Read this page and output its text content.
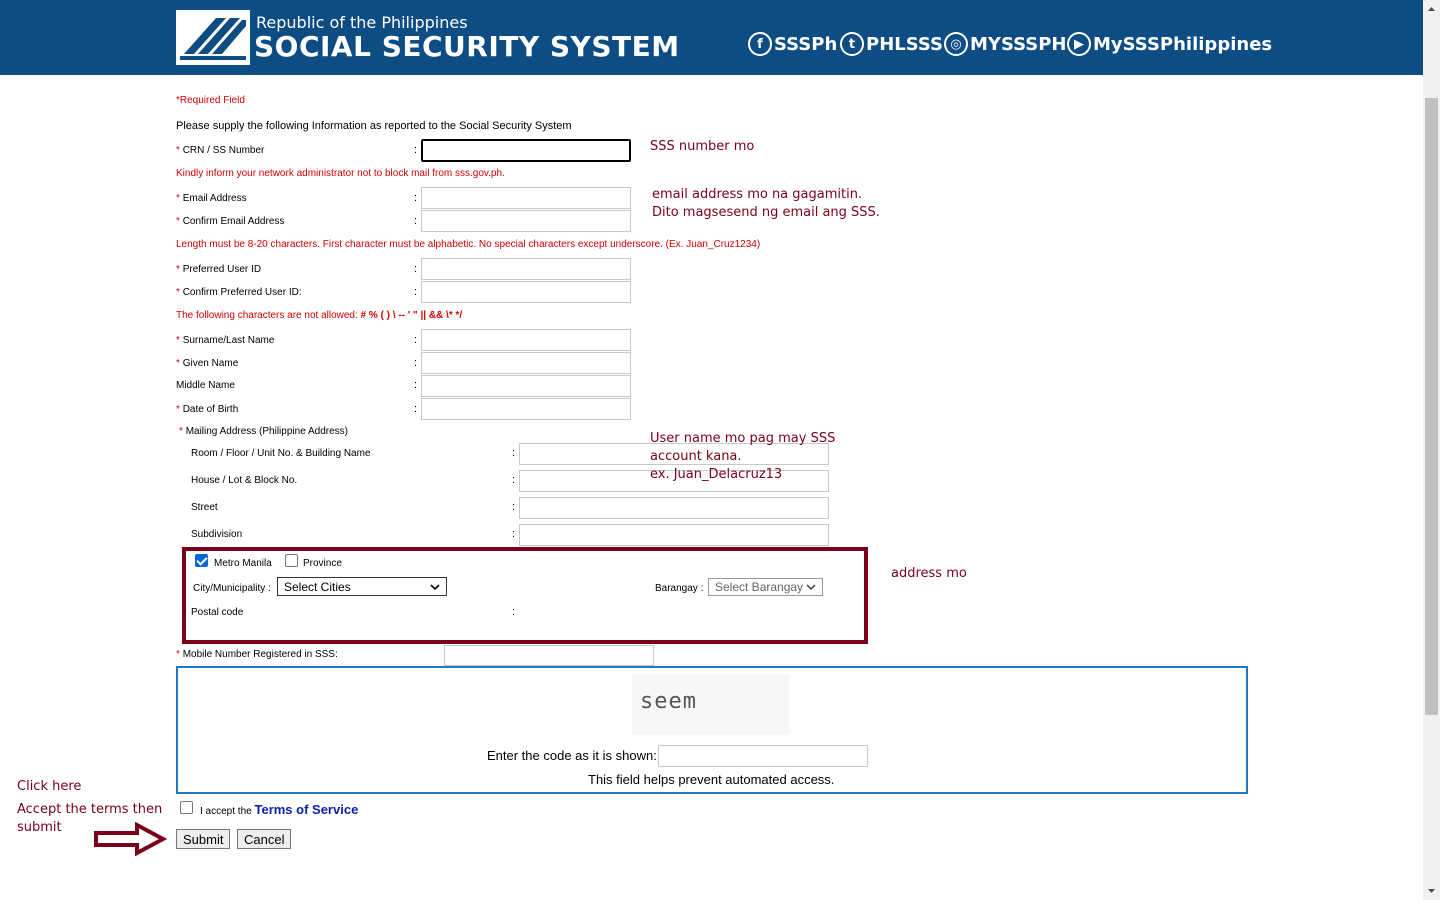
Republic of the Philippines
SOCIAL SECURITY SYSTEM	f SSSPh t PHLSSS ◎ MYSSSPH ▶ MySSSPhilippines
*Required Field
Please supply the following Information as reported to the Social Security System
* CRN / SS Number	:
Kindly inform your network administrator not to block mail from sss.gov.ph.
* Email Address	:
* Confirm Email Address	:
Length must be 8-20 characters. First character must be alphabetic. No special characters except underscore. (Ex. Juan_Cruz1234)
* Preferred User ID	:
* Confirm Preferred User ID:	:
The following characters are not allowed: # % ( ) \ -- ' " || && \* */
* Surname/Last Name	:
* Given Name	:
Middle Name	:
* Date of Birth	:
* Mailing Address (Philippine Address)
Room / Floor / Unit No. & Building Name	:
House / Lot & Block No.	:
Street	:
Subdivision	:
Metro Manila	Province
City/Municipality : Select Cities	Barangay : Select Barangay
Postal code	:
* Mobile Number Registered in SSS:
seem
Enter the code as it is shown:
This field helps prevent automated access.
I accept the Terms of Service
Submit	Cancel
SSS number mo
email address mo na gagamitin.
Dito magsesend ng email ang SSS.
User name mo pag may SSS
account kana.
ex. Juan_Delacruz13
address mo
Click here
Accept the terms then
submit
